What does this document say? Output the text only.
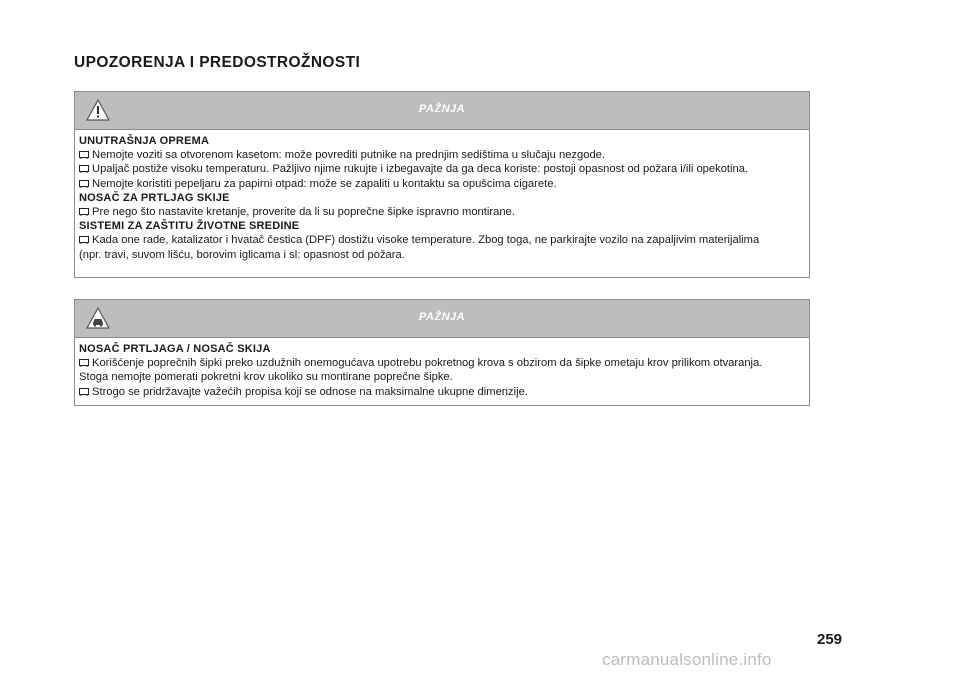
UPOZORENJA I PREDOSTROŽNOSTI
PAŽNJA
UNUTRAŠNJA OPREMA
Nemojte voziti sa otvorenom kasetom: može povrediti putnike na prednjim sedištima u slučaju nezgode.
Upaljač postiže visoku temperaturu. Pažljivo njime rukujte i izbegavajte da ga deca koriste: postoji opasnost od požara i/ili opekotina.
Nemojte koristiti pepeljaru za papirni otpad: može se zapaliti u kontaktu sa opušcima cigarete.
NOSAČ ZA PRTLJAG SKIJE
Pre nego što nastavite kretanje, proverite da li su poprečne šipke ispravno montirane.
SISTEMI ZA ZAŠTITU ŽIVOTNE SREDINE
Kada one rade, katalizator i hvatač čestica (DPF) dostižu visoke temperature. Zbog toga, ne parkirajte vozilo na zapaljivim materijalima
(npr. travi, suvom lišću, borovim iglicama i sl: opasnost od požara.
PAŽNJA
NOSAČ PRTLJAGA / NOSAČ SKIJA
Korišćenje poprečnih šipki preko uzdužnih onemogućava upotrebu pokretnog krova s obzirom da šipke ometaju krov prilikom otvaranja.
Stoga nemojte pomerati pokretni krov ukoliko su montirane poprečne šipke.
Strogo se pridržavajte važećih propisa koji se odnose na maksimalne ukupne dimenzije.
259
carmanualsonline.info
